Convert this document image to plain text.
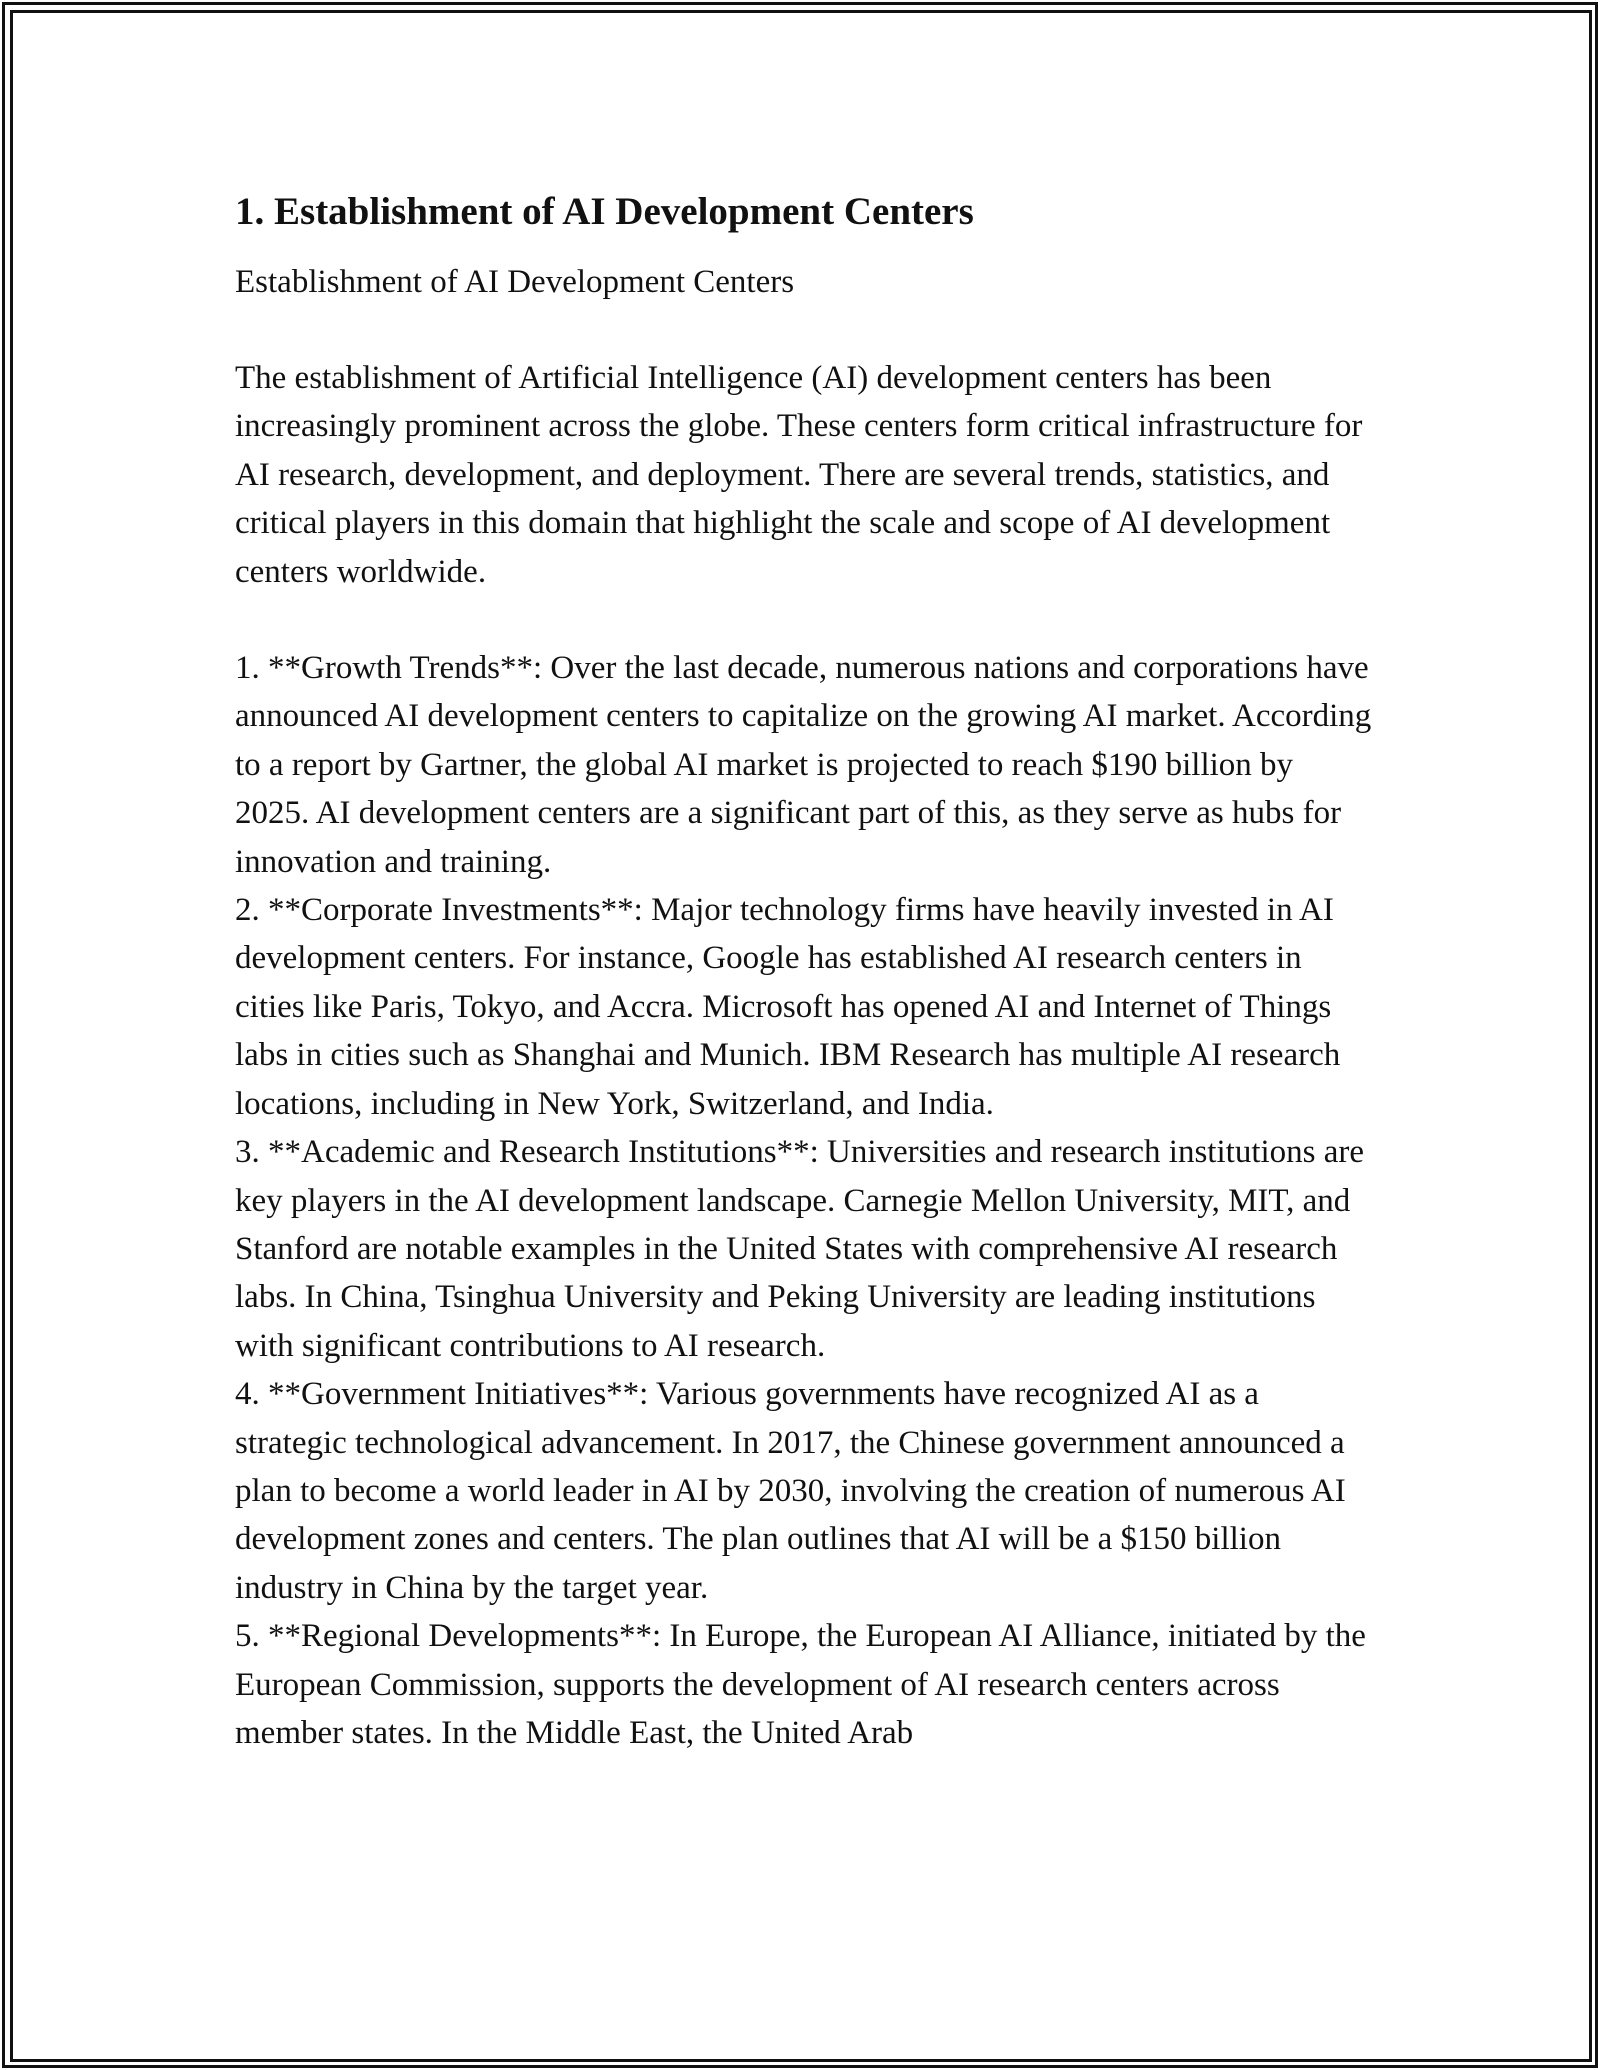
1. Establishment of AI Development Centers

Establishment of AI Development Centers

The establishment of Artificial Intelligence (AI) development centers has been increasingly prominent across the globe. These centers form critical infrastructure for AI research, development, and deployment. There are several trends, statistics, and critical players in this domain that highlight the scale and scope of AI development centers worldwide.

1. **Growth Trends**: Over the last decade, numerous nations and corporations have announced AI development centers to capitalize on the growing AI market. According to a report by Gartner, the global AI market is projected to reach $190 billion by 2025. AI development centers are a significant part of this, as they serve as hubs for innovation and training.

2. **Corporate Investments**: Major technology firms have heavily invested in AI development centers. For instance, Google has established AI research centers in cities like Paris, Tokyo, and Accra. Microsoft has opened AI and Internet of Things labs in cities such as Shanghai and Munich. IBM Research has multiple AI research locations, including in New York, Switzerland, and India.

3. **Academic and Research Institutions**: Universities and research institutions are key players in the AI development landscape. Carnegie Mellon University, MIT, and Stanford are notable examples in the United States with comprehensive AI research labs. In China, Tsinghua University and Peking University are leading institutions with significant contributions to AI research.

4. **Government Initiatives**: Various governments have recognized AI as a strategic technological advancement. In 2017, the Chinese government announced a plan to become a world leader in AI by 2030, involving the creation of numerous AI development zones and centers. The plan outlines that AI will be a $150 billion industry in China by the target year.

5. **Regional Developments**: In Europe, the European AI Alliance, initiated by the European Commission, supports the development of AI research centers across member states. In the Middle East, the United Arab
